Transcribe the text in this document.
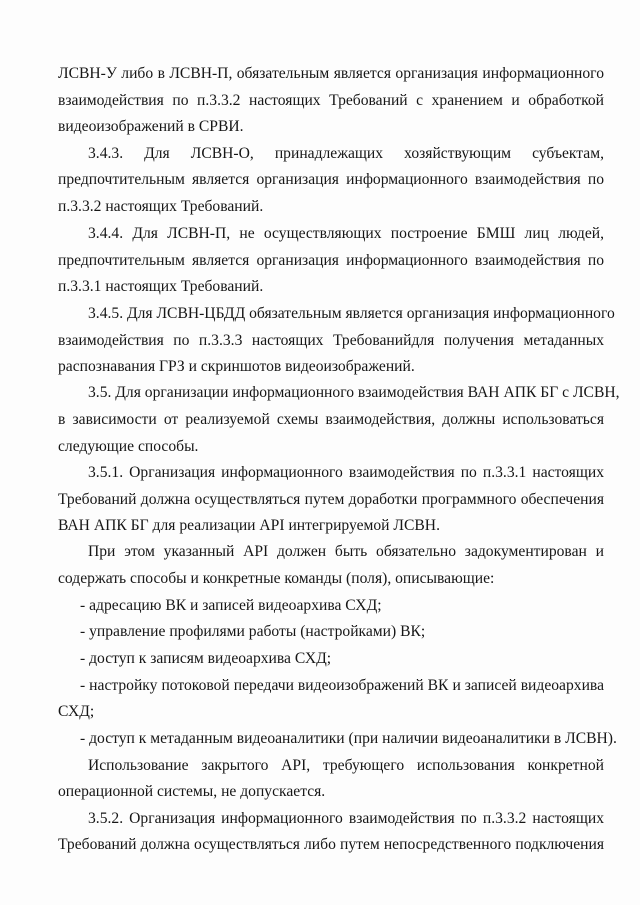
ЛСВН-У либо в ЛСВН-П, обязательным является организация информационного
взаимодействия по п.3.3.2 настоящих Требований с хранением и обработкой
видеоизображений в СРВИ.
3.4.3. Для ЛСВН-О, принадлежащих хозяйствующим субъектам,
предпочтительным является организация информационного взаимодействия по
п.3.3.2 настоящих Требований.
3.4.4. Для ЛСВН-П, не осуществляющих построение БМШ лиц людей,
предпочтительным является организация информационного взаимодействия по
п.3.3.1 настоящих Требований.
3.4.5. Для ЛСВН-ЦБДД обязательным является организация информационного
взаимодействия по п.3.3.3 настоящих Требованийдля получения метаданных
распознавания ГРЗ и скриншотов видеоизображений.
3.5. Для организации информационного взаимодействия ВАН АПК БГ с ЛСВН,
в зависимости от реализуемой схемы взаимодействия, должны использоваться
следующие способы.
3.5.1. Организация информационного взаимодействия по п.3.3.1 настоящих
Требований должна осуществляться путем доработки программного обеспечения
ВАН АПК БГ для реализации API интегрируемой ЛСВН.
При этом указанный API должен быть обязательно задокументирован и
содержать способы и конкретные команды (поля), описывающие:
- адресацию ВК и записей видеоархива СХД;
- управление профилями работы (настройками) ВК;
- доступ к записям видеоархива СХД;
- настройку потоковой передачи видеоизображений ВК и записей видеоархива
СХД;
- доступ к метаданным видеоаналитики (при наличии видеоаналитики в ЛСВН).
Использование закрытого API, требующего использования конкретной
операционной системы, не допускается.
3.5.2. Организация информационного взаимодействия по п.3.3.2 настоящих
Требований должна осуществляться либо путем непосредственного подключения
